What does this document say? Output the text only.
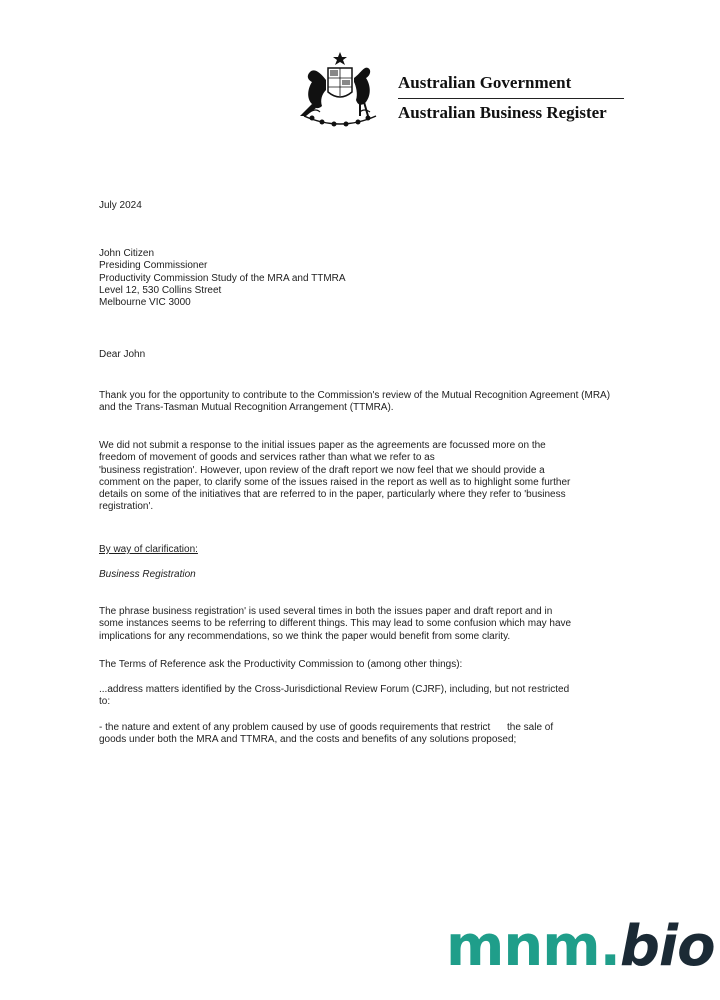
Australian Government
Australian Business Register
July 2024
John Citizen
Presiding Commissioner
Productivity Commission Study of the MRA and TTMRA
Level 12, 530 Collins Street
Melbourne VIC 3000
Dear John
Thank you for the opportunity to contribute to the Commission's review of the Mutual Recognition Agreement (MRA) and the Trans-Tasman Mutual Recognition Arrangement (TTMRA).
We did not submit a response to the initial issues paper as the agreements are focussed more on the
freedom of movement of goods and services rather than what we refer to as
'business registration'. However, upon review of the draft report we now feel that we should provide a
comment on the paper, to clarify some of the issues raised in the report as well as to highlight some further
details on some of the initiatives that are referred to in the paper, particularly where they refer to 'business
registration'.
By way of clarification:
Business Registration
The phrase business registration' is used several times in both the issues paper and draft report and in
some instances seems to be referring to different things. This may lead to some confusion which may have
implications for any recommendations, so we think the paper would benefit from some clarity.
The Terms of Reference ask the Productivity Commission to (among other things):
...address matters identified by the Cross-Jurisdictional Review Forum (CJRF), including, but not restricted
to:
- the nature and extent of any problem caused by use of goods requirements that restrict      the sale of
goods under both the MRA and TTMRA, and the costs and benefits of any solutions proposed;
mnm.bio
